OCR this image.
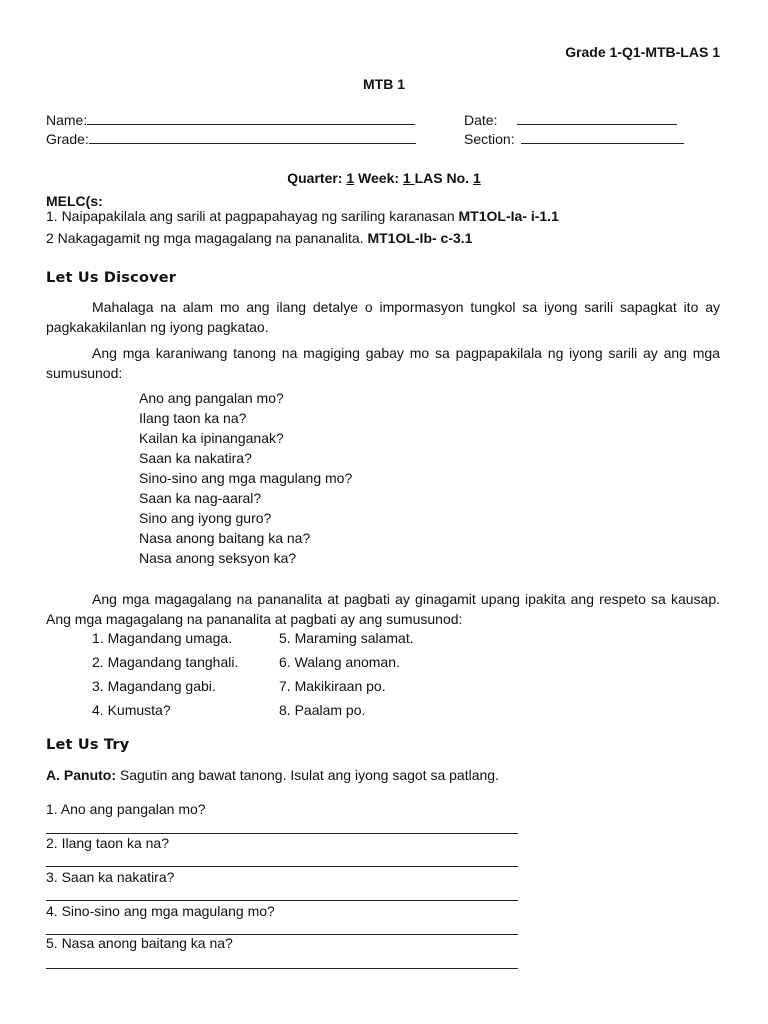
Grade 1-Q1-MTB-LAS 1
MTB 1
Name:
Grade:
Date:
Section:
Quarter: 1 Week: 1 LAS No. 1
MELC(s:
1. Naipapakilala ang sarili at pagpapahayag ng sariling karanasan MT1OL-Ia- i-1.1
2 Nakagagamit ng mga magagalang na pananalita. MT1OL-Ib- c-3.1
Let Us Discover
Mahalaga na alam mo ang ilang detalye o impormasyon tungkol sa iyong sarili sapagkat ito ay pagkakakilanlan ng iyong pagkatao.
Ang mga karaniwang tanong na magiging gabay mo sa pagpapakilala ng iyong sarili ay ang mga sumusunod:
Ano ang pangalan mo?
Ilang taon ka na?
Kailan ka ipinanganak?
Saan ka nakatira?
Sino-sino ang mga magulang mo?
Saan ka nag-aaral?
Sino ang iyong guro?
Nasa anong baitang ka na?
Nasa anong seksyon ka?
Ang mga magagalang na pananalita at pagbati ay ginagamit upang ipakita ang respeto sa kausap. Ang mga magagalang na pananalita at pagbati ay ang sumusunod:
1. Magandang umaga.
2. Magandang tanghali.
3. Magandang gabi.
4. Kumusta?
5. Maraming salamat.
6. Walang anoman.
7. Makikiraan po.
8. Paalam po.
Let Us Try
A. Panuto: Sagutin ang bawat tanong. Isulat ang iyong sagot sa patlang.
1. Ano ang pangalan mo?
2. Ilang taon ka na?
3. Saan ka nakatira?
4. Sino-sino ang mga magulang mo?
5. Nasa anong baitang ka na?
